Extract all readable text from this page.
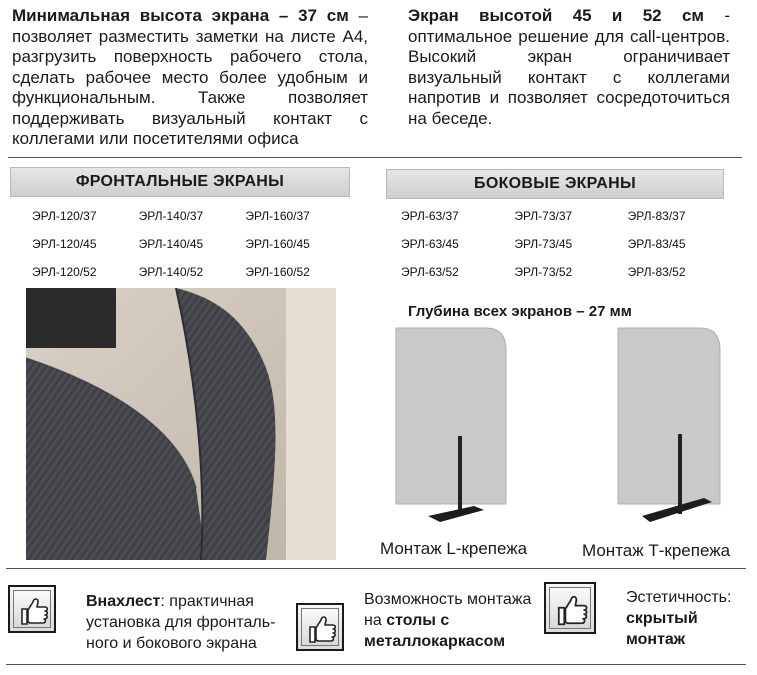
Минимальная высота экрана – 37 см – позволяет разместить заметки на листе А4, разгрузить поверхность рабочего стола, сделать рабочее место более удобным и функциональным. Также позволяет поддерживать визуальный контакт с коллегами или посетителями офиса
Экран высотой 45 и 52 см - оптимальное решение для call-центров. Высокий экран ограничивает визуальный контакт с коллегами напротив и позволяет сосредоточиться на беседе.
ФРОНТАЛЬНЫЕ ЭКРАНЫ	БОКОВЫЕ ЭКРАНЫ
ЭРЛ-120/37	ЭРЛ-140/37	ЭРЛ-160/37
ЭРЛ-120/45	ЭРЛ-140/45	ЭРЛ-160/45
ЭРЛ-120/52	ЭРЛ-140/52	ЭРЛ-160/52
ЭРЛ-63/37	ЭРЛ-73/37	ЭРЛ-83/37
ЭРЛ-63/45	ЭРЛ-73/45	ЭРЛ-83/45
ЭРЛ-63/52	ЭРЛ-73/52	ЭРЛ-83/52
Глубина всех экранов – 27 мм
Монтаж L-крепежа	Монтаж Т-крепежа
Внахлест: практичная установка для фронталь-ного и бокового экрана
Возможность монтажа на столы с металлокаркасом
Эстетичность: скрытый монтаж
